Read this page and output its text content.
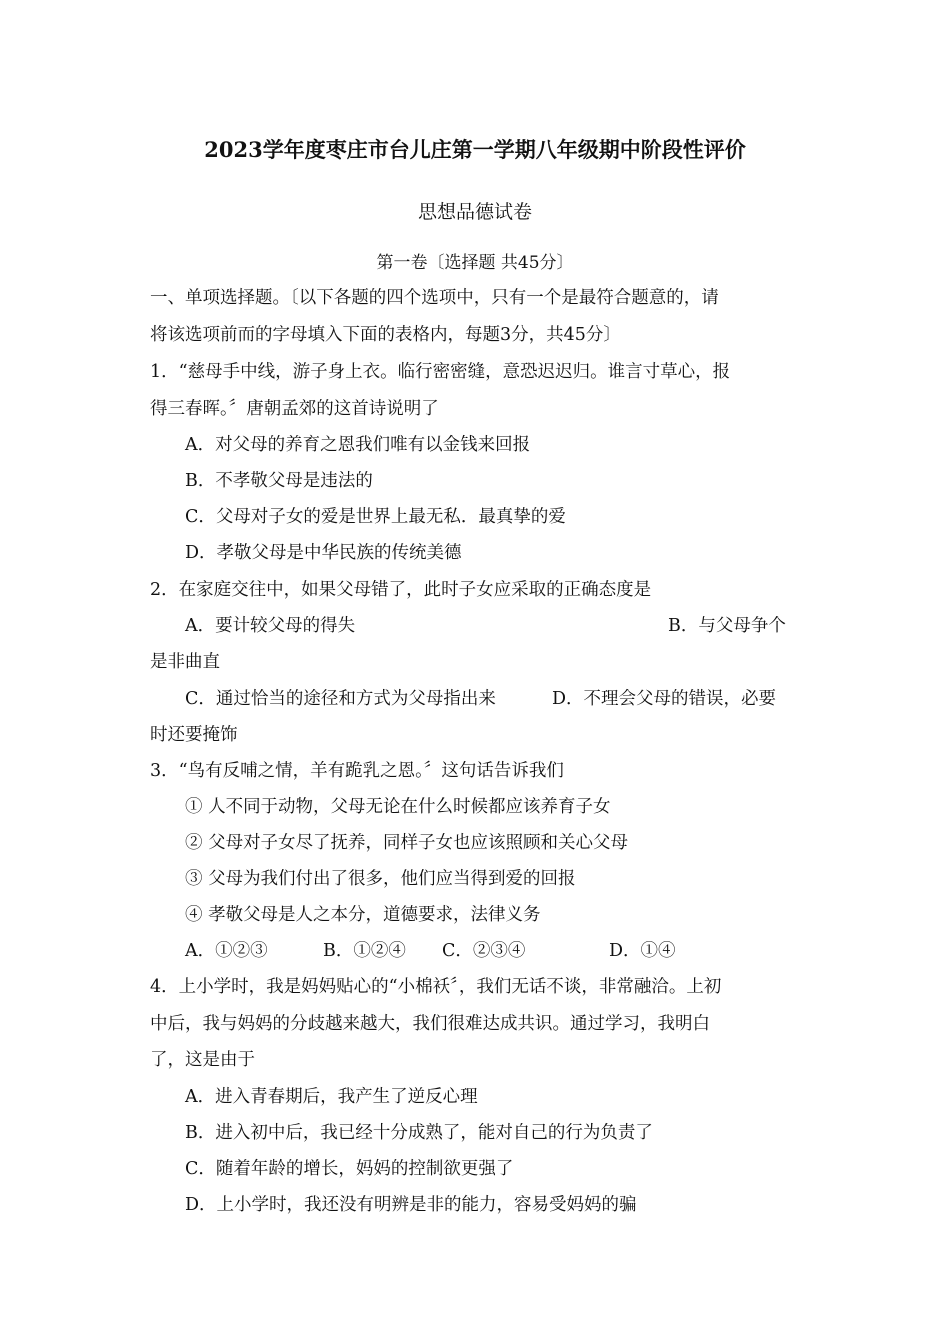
2023学年度枣庄市台儿庄第一学期八年级期中阶段性评价
思想品德试卷
第一卷〔选择题 共45分〕
一、单项选择题。〔以下各题的四个选项中，只有一个是最符合题意的，请
将该选项前而的字母填入下面的表格内，每题3分，共45分〕
1．“慈母手中线，游子身上衣。临行密密缝，意恐迟迟归。谁言寸草心，报
得三春晖。〞唐朝孟郊的这首诗说明了
A．对父母的养育之恩我们唯有以金钱来回报
B．不孝敬父母是违法的
C．父母对子女的爱是世界上最无私．最真挚的爱
D．孝敬父母是中华民族的传统美德
2．在家庭交往中，如果父母错了，此时子女应采取的正确态度是
A．要计较父母的得失	B．与父母争个
是非曲直
C．通过恰当的途径和方式为父母指出来	D．不理会父母的错误，必要
时还要掩饰
3．“鸟有反哺之情，羊有跪乳之恩。〞这句话告诉我们
① 人不同于动物，父母无论在什么时候都应该养育子女
② 父母对子女尽了抚养，同样子女也应该照顾和关心父母
③ 父母为我们付出了很多，他们应当得到爱的回报
④ 孝敬父母是人之本分，道德要求，法律义务
A．①②③	B．①②④ C．②③④	D．①④
4．上小学时，我是妈妈贴心的“小棉袄〞，我们无话不谈，非常融洽。上初
中后，我与妈妈的分歧越来越大，我们很难达成共识。通过学习，我明白
了，这是由于
A．进入青春期后，我产生了逆反心理
B．进入初中后，我已经十分成熟了，能对自己的行为负责了
C．随着年龄的增长，妈妈的控制欲更强了
D．上小学时，我还没有明辨是非的能力，容易受妈妈的骗
